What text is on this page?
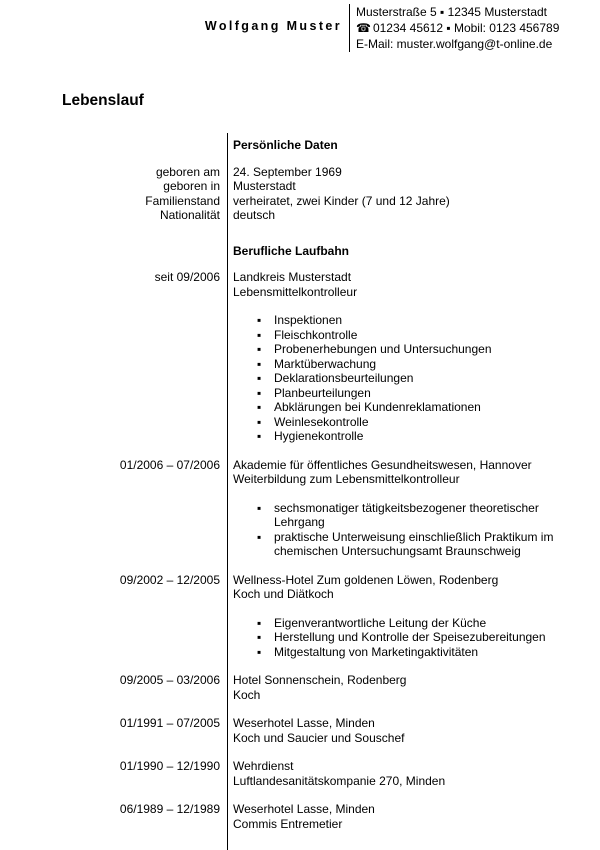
Wolfgang Muster
Musterstraße 5 ▪ 12345 Musterstadt
☎ 01234 45612 ▪ Mobil: 0123 456789
E-Mail: muster.wolfgang@t-online.de
Lebenslauf
Persönliche Daten
geboren am 24. September 1969
geboren in Musterstadt
Familienstand verheiratet, zwei Kinder (7 und 12 Jahre)
Nationalität deutsch
Berufliche Laufbahn
seit 09/2006 Landkreis Musterstadt
Lebensmittelkontrolleur
▪ Inspektionen
▪ Fleischkontrolle
▪ Probenerhebungen und Untersuchungen
▪ Marktüberwachung
▪ Deklarationsbeurteilungen
▪ Planbeurteilungen
▪ Abklärungen bei Kundenreklamationen
▪ Weinlesekontrolle
▪ Hygienekontrolle
01/2006 – 07/2006 Akademie für öffentliches Gesundheitswesen, Hannover
Weiterbildung zum Lebensmittelkontrolleur
▪ sechsmonatiger tätigkeitsbezogener theoretischer Lehrgang
▪ praktische Unterweisung einschließlich Praktikum im chemischen Untersuchungsamt Braunschweig
09/2002 – 12/2005 Wellness-Hotel Zum goldenen Löwen, Rodenberg
Koch und Diätkoch
▪ Eigenverantwortliche Leitung der Küche
▪ Herstellung und Kontrolle der Speisezubereitungen
▪ Mitgestaltung von Marketingaktivitäten
09/2005 – 03/2006 Hotel Sonnenschein, Rodenberg
Koch
01/1991 – 07/2005 Weserhotel Lasse, Minden
Koch und Saucier und Souschef
01/1990 – 12/1990 Wehrdienst
Luftlandesanitätskompanie 270, Minden
06/1989 – 12/1989 Weserhotel Lasse, Minden
Commis Entremetier
